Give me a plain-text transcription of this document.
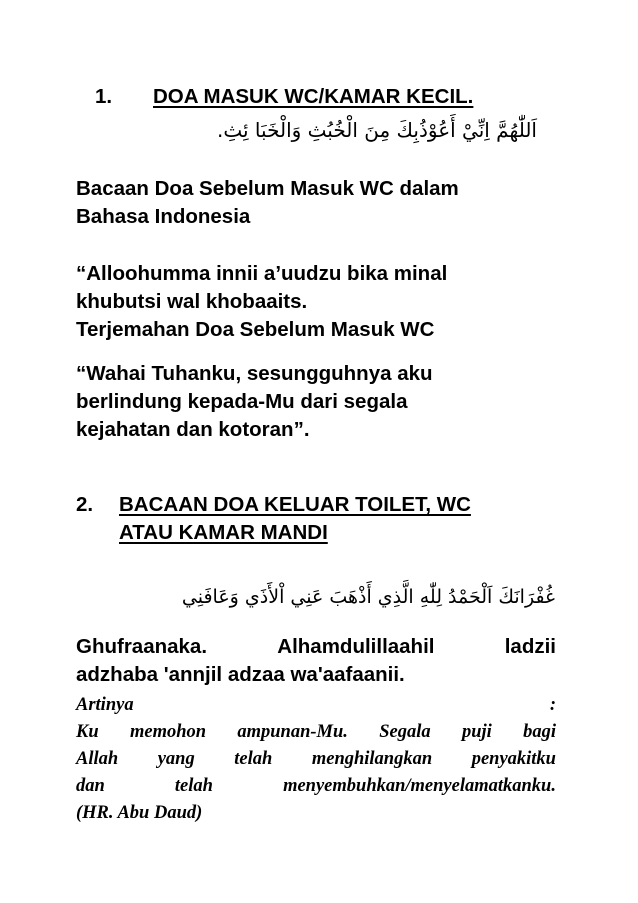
1. DOA MASUK WC/KAMAR KECIL.
اَللّٰهُمَّ اِنِّيْ أَعُوْذُبِكَ مِنَ الْخُبُثِ وَالْخَبَا ئِثِ.
Bacaan Doa Sebelum Masuk WC dalam
Bahasa Indonesia
“Alloohumma innii a’uudzu bika minal
khubutsi wal khobaaits.
Terjemahan Doa Sebelum Masuk WC
“Wahai Tuhanku, sesungguhnya aku
berlindung kepada-Mu dari segala
kejahatan dan kotoran”.
2. BACAAN DOA KELUAR TOILET, WC
ATAU KAMAR MANDI
غُفْرَانَكَ اَلْحَمْدُ لِلّٰهِ الَّذِي أَذْهَبَ عَنِي اْلأَذَي وَعَافَنِي
Ghufraanaka.	Alhamdulillaahil	ladzii
adzhaba 'annjil adzaa wa'aafaanii.
Artinya	:
Ku memohon ampunan-Mu. Segala puji bagi
Allah yang telah menghilangkan penyakitku
dan	telah	menyembuhkan/menyelamatkanku.
(HR. Abu Daud)
